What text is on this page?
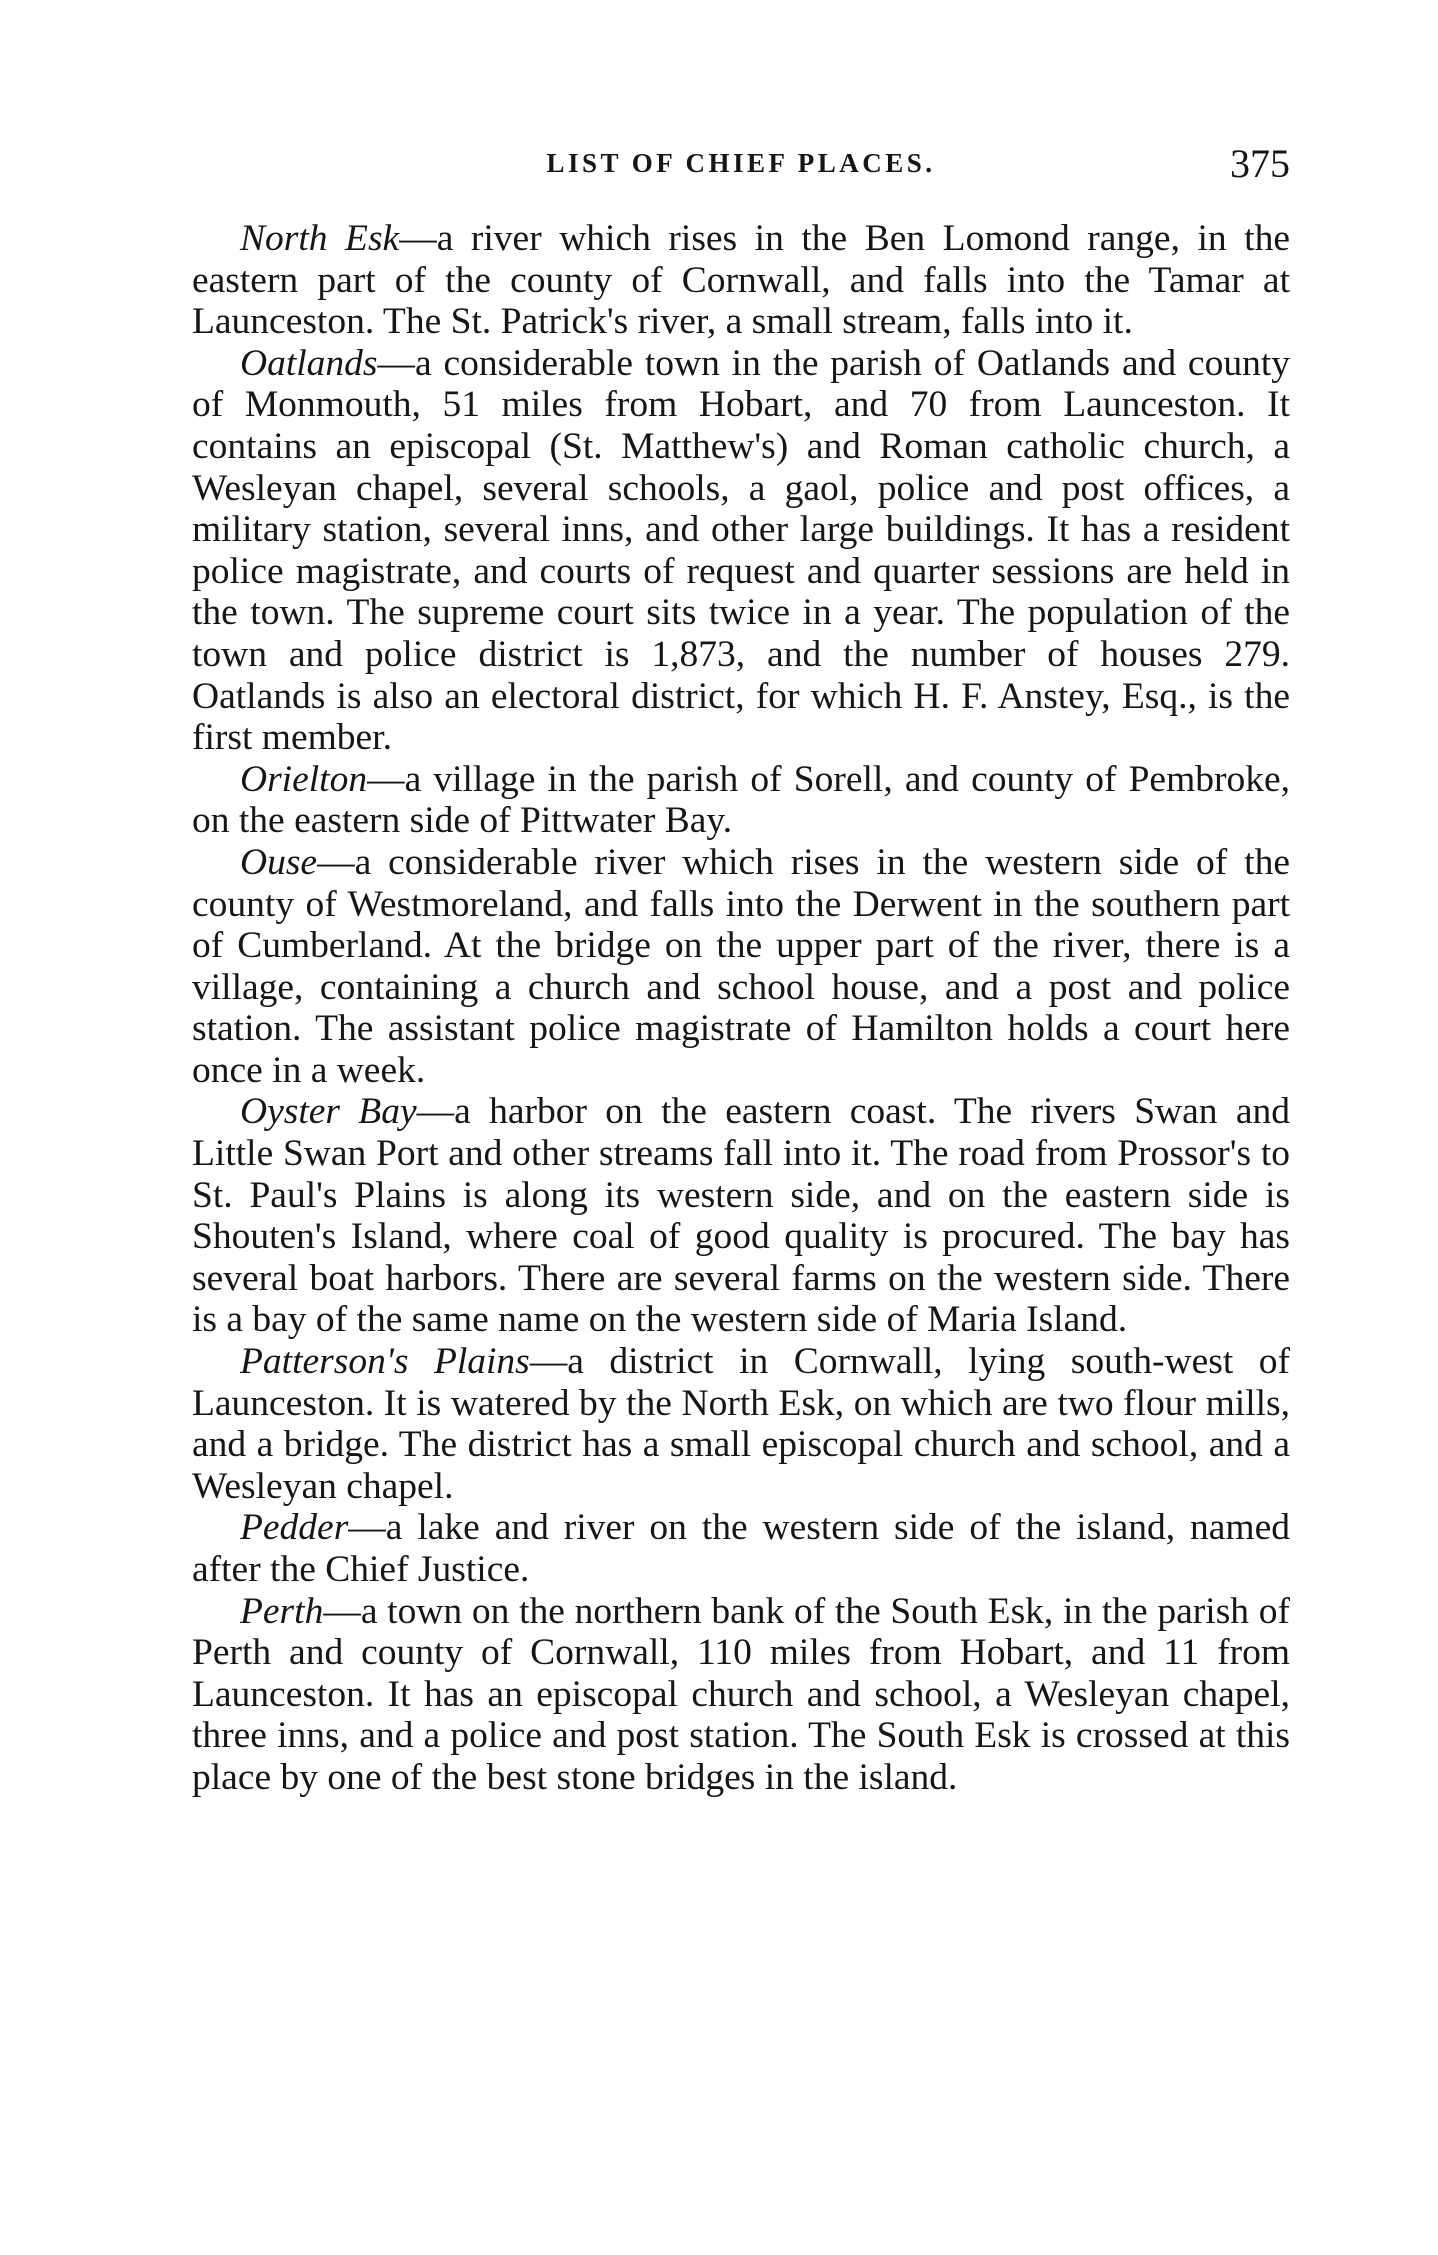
LIST OF CHIEF PLACES.	375

North Esk—a river which rises in the Ben Lomond range, in the eastern part of the county of Cornwall, and falls into the Tamar at Launceston. The St. Patrick's river, a small stream, falls into it.

Oatlands—a considerable town in the parish of Oatlands and county of Monmouth, 51 miles from Hobart, and 70 from Launceston. It contains an episcopal (St. Matthew's) and Roman catholic church, a Wesleyan chapel, several schools, a gaol, police and post offices, a military station, several inns, and other large buildings. It has a resident police magistrate, and courts of request and quarter sessions are held in the town. The supreme court sits twice in a year. The population of the town and police district is 1,873, and the number of houses 279. Oatlands is also an electoral district, for which H. F. Anstey, Esq., is the first member.

Orielton—a village in the parish of Sorell, and county of Pembroke, on the eastern side of Pittwater Bay.

Ouse—a considerable river which rises in the western side of the county of Westmoreland, and falls into the Derwent in the southern part of Cumberland. At the bridge on the upper part of the river, there is a village, containing a church and school house, and a post and police station. The assistant police magistrate of Hamilton holds a court here once in a week.

Oyster Bay—a harbor on the eastern coast. The rivers Swan and Little Swan Port and other streams fall into it. The road from Prossor's to St. Paul's Plains is along its western side, and on the eastern side is Shouten's Island, where coal of good quality is procured. The bay has several boat harbors. There are several farms on the western side. There is a bay of the same name on the western side of Maria Island.

Patterson's Plains—a district in Cornwall, lying south-west of Launceston. It is watered by the North Esk, on which are two flour mills, and a bridge. The district has a small episcopal church and school, and a Wesleyan chapel.

Pedder—a lake and river on the western side of the island, named after the Chief Justice.

Perth—a town on the northern bank of the South Esk, in the parish of Perth and county of Cornwall, 110 miles from Hobart, and 11 from Launceston. It has an episcopal church and school, a Wesleyan chapel, three inns, and a police and post station. The South Esk is crossed at this place by one of the best stone bridges in the island.
